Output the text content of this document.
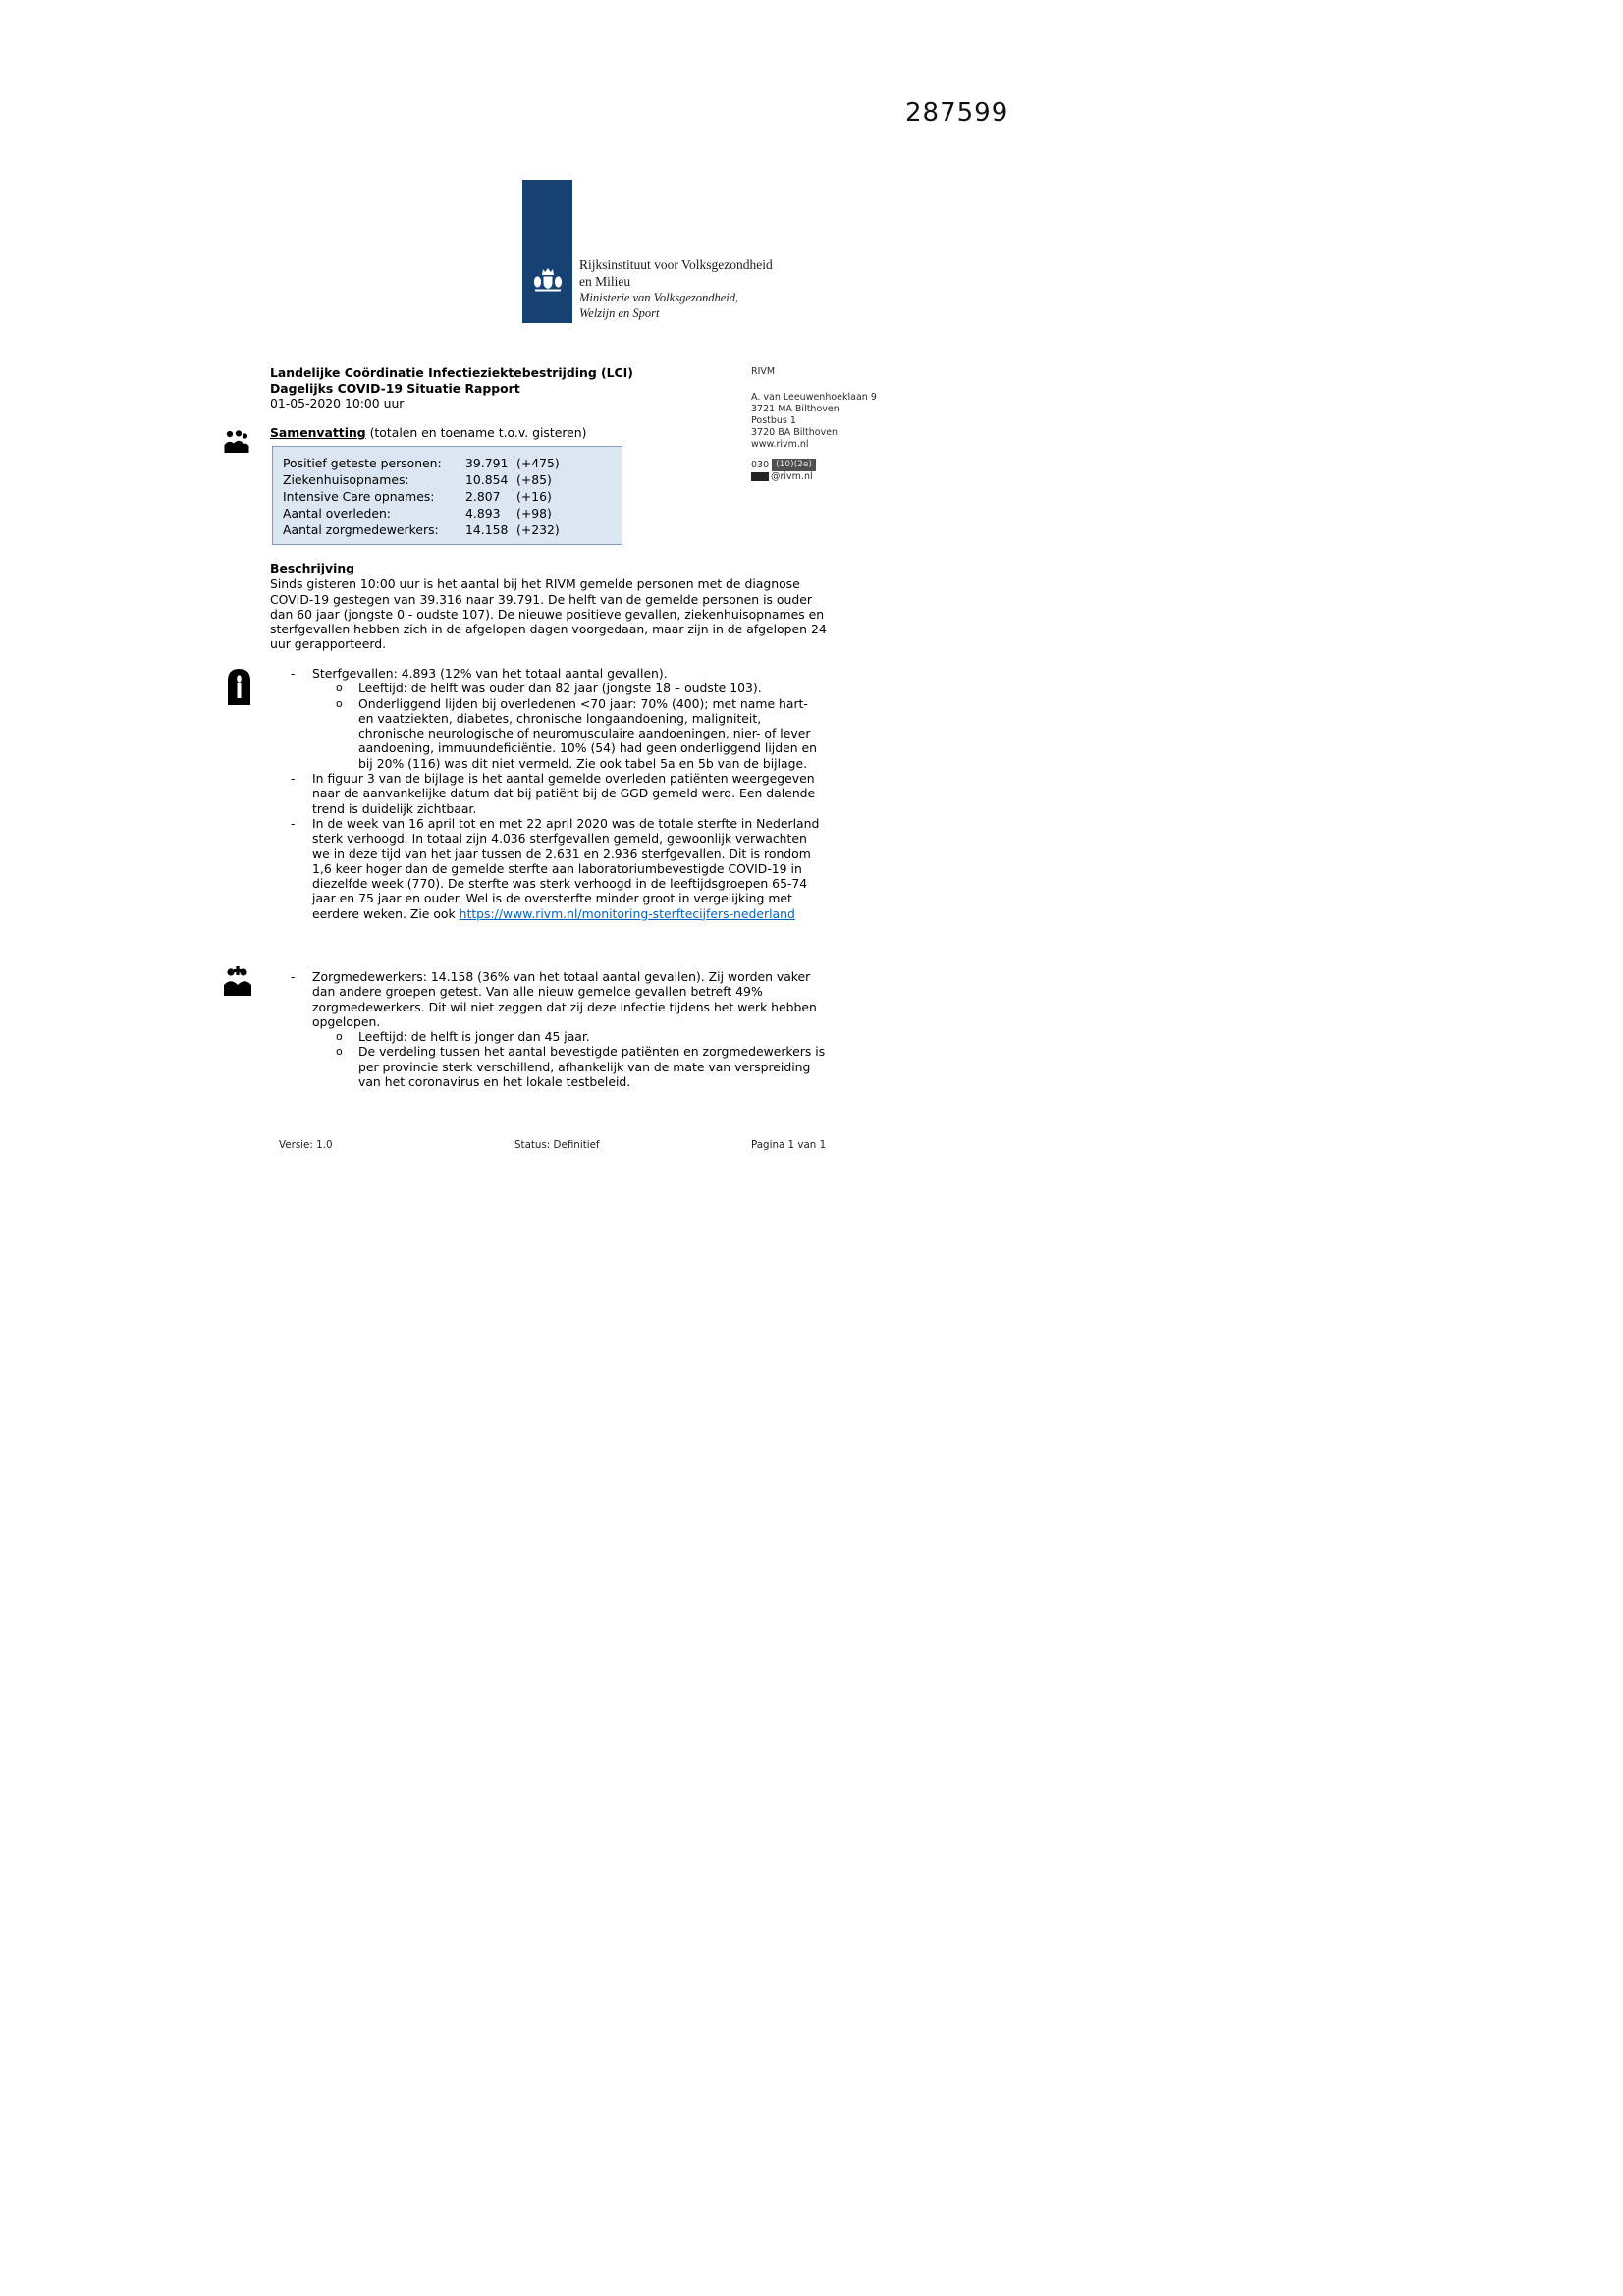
287599
Rijksinstituut voor Volksgezondheid
en Milieu
Ministerie van Volksgezondheid,
Welzijn en Sport
Landelijke Coördinatie Infectieziektebestrijding (LCI)
Dagelijks COVID-19 Situatie Rapport
01-05-2020 10:00 uur
RIVM
A. van Leeuwenhoeklaan 9
3721 MA Bilthoven
Postbus 1
3720 BA Bilthoven
www.rivm.nl
030 (10)(2e)
@rivm.nl
Samenvatting (totalen en toename t.o.v. gisteren)
Positief geteste personen:	39.791 (+475)
Ziekenhuisopnames:	10.854 (+85)
Intensive Care opnames:	2.807	(+16)
Aantal overleden:	4.893	(+98)
Aantal zorgmedewerkers:	14.158 (+232)
Beschrijving
Sinds gisteren 10:00 uur is het aantal bij het RIVM gemelde personen met de diagnose COVID-19 gestegen van 39.316 naar 39.791. De helft van de gemelde personen is ouder dan 60 jaar (jongste 0 - oudste 107). De nieuwe positieve gevallen, ziekenhuisopnames en sterfgevallen hebben zich in de afgelopen dagen voorgedaan, maar zijn in de afgelopen 24 uur gerapporteerd.
-	Sterfgevallen: 4.893 (12% van het totaal aantal gevallen).
o	Leeftijd: de helft was ouder dan 82 jaar (jongste 18 – oudste 103).
o	Onderliggend lijden bij overledenen <70 jaar: 70% (400); met name hart- en vaatziekten, diabetes, chronische longaandoening, maligniteit, chronische neurologische of neuromusculaire aandoeningen, nier- of lever aandoening, immuundeficiëntie. 10% (54) had geen onderliggend lijden en bij 20% (116) was dit niet vermeld. Zie ook tabel 5a en 5b van de bijlage.
-	In figuur 3 van de bijlage is het aantal gemelde overleden patiënten weergegeven naar de aanvankelijke datum dat bij patiënt bij de GGD gemeld werd. Een dalende trend is duidelijk zichtbaar.
-	In de week van 16 april tot en met 22 april 2020 was de totale sterfte in Nederland sterk verhoogd. In totaal zijn 4.036 sterfgevallen gemeld, gewoonlijk verwachten we in deze tijd van het jaar tussen de 2.631 en 2.936 sterfgevallen. Dit is rondom 1,6 keer hoger dan de gemelde sterfte aan laboratoriumbevestigde COVID-19 in diezelfde week (770). De sterfte was sterk verhoogd in de leeftijdsgroepen 65-74 jaar en 75 jaar en ouder. Wel is de oversterfte minder groot in vergelijking met eerdere weken. Zie ook https://www.rivm.nl/monitoring-sterftecijfers-nederland
-	Zorgmedewerkers: 14.158 (36% van het totaal aantal gevallen). Zij worden vaker dan andere groepen getest. Van alle nieuw gemelde gevallen betreft 49% zorgmedewerkers. Dit wil niet zeggen dat zij deze infectie tijdens het werk hebben opgelopen.
o	Leeftijd: de helft is jonger dan 45 jaar.
o	De verdeling tussen het aantal bevestigde patiënten en zorgmedewerkers is per provincie sterk verschillend, afhankelijk van de mate van verspreiding van het coronavirus en het lokale testbeleid.
Versie: 1.0	Status: Definitief	Pagina 1 van 1
